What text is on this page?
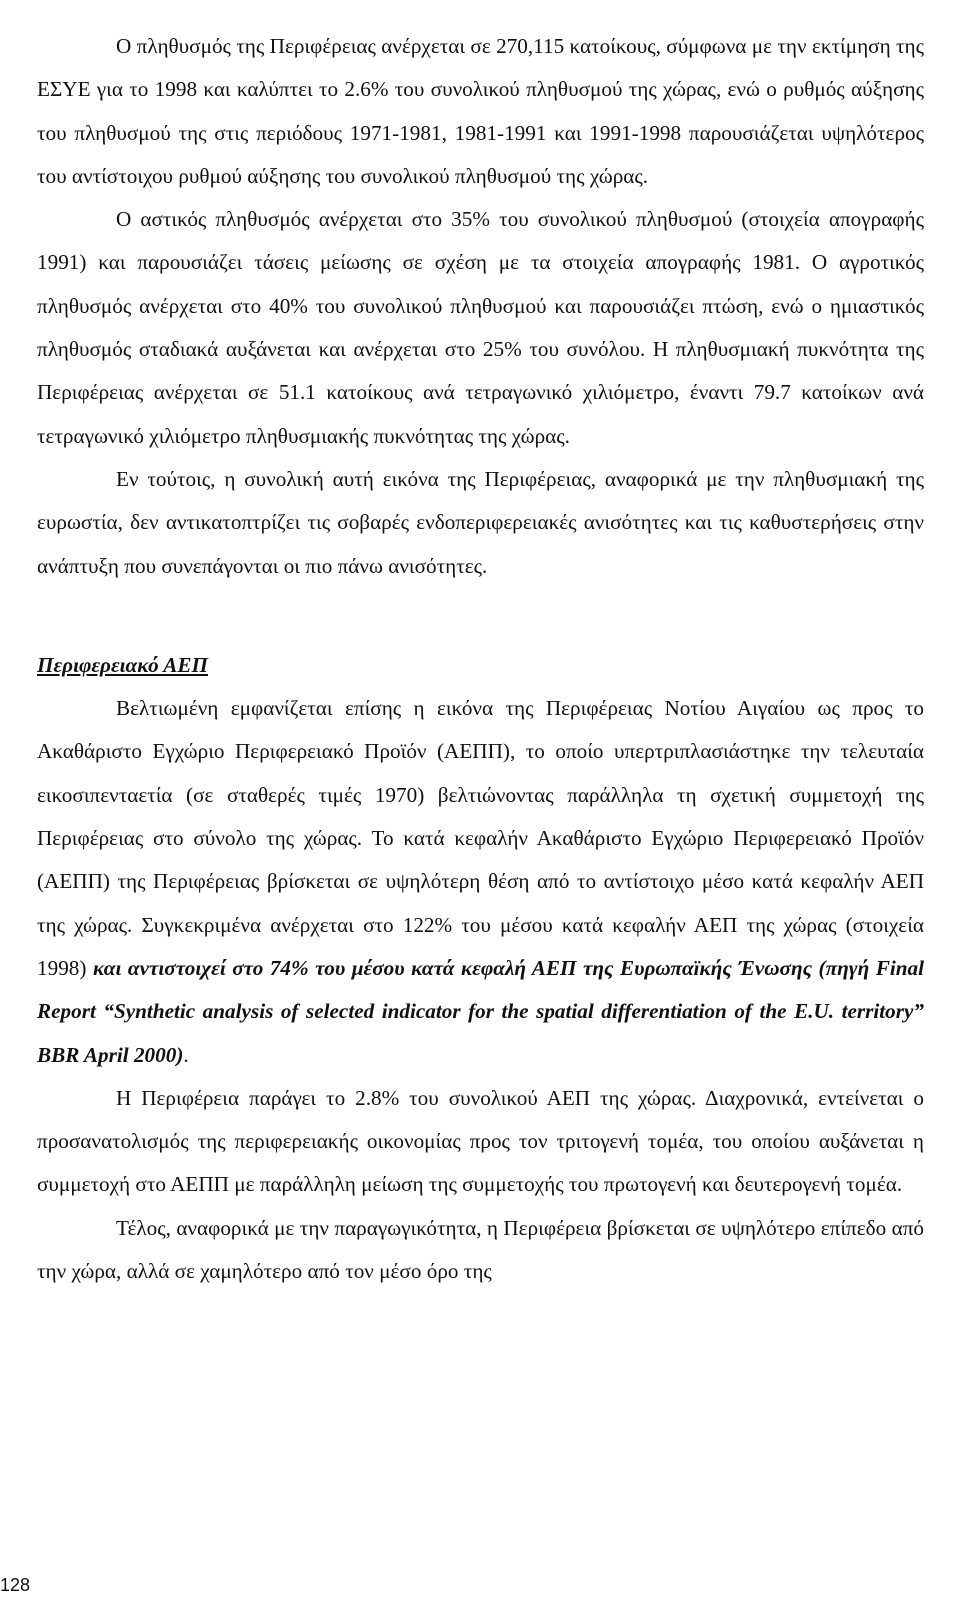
Ο πληθυσμός της Περιφέρειας ανέρχεται σε 270,115 κατοίκους, σύμφωνα με την εκτίμηση της ΕΣΥΕ για το 1998 και καλύπτει το 2.6% του συνολικού πληθυσμού της χώρας, ενώ ο ρυθμός αύξησης του πληθυσμού της στις περιόδους 1971-1981, 1981-1991 και 1991-1998 παρουσιάζεται υψηλότερος του αντίστοιχου ρυθμού αύξησης του συνολικού πληθυσμού της χώρας.

Ο αστικός πληθυσμός ανέρχεται στο 35% του συνολικού πληθυσμού (στοιχεία απογραφής 1991) και παρουσιάζει τάσεις μείωσης σε σχέση με τα στοιχεία απογραφής 1981. Ο αγροτικός πληθυσμός ανέρχεται στο 40% του συνολικού πληθυσμού και παρουσιάζει πτώση, ενώ ο ημιαστικός πληθυσμός σταδιακά αυξάνεται και ανέρχεται στο 25% του συνόλου. Η πληθυσμιακή πυκνότητα της Περιφέρειας ανέρχεται σε 51.1 κατοίκους ανά τετραγωνικό χιλιόμετρο, έναντι 79.7 κατοίκων ανά τετραγωνικό χιλιόμετρο πληθυσμιακής πυκνότητας της χώρας.

Εν τούτοις, η συνολική αυτή εικόνα της Περιφέρειας, αναφορικά με την πληθυσμιακή της ευρωστία, δεν αντικατοπτρίζει τις σοβαρές ενδοπεριφερειακές ανισότητες και τις καθυστερήσεις στην ανάπτυξη που συνεπάγονται οι πιο πάνω ανισότητες.

Περιφερειακό ΑΕΠ

Βελτιωμένη εμφανίζεται επίσης η εικόνα της Περιφέρειας Νοτίου Αιγαίου ως προς το Ακαθάριστο Εγχώριο Περιφερειακό Προϊόν (ΑΕΠΠ), το οποίο υπερτριπλασιάστηκε την τελευταία εικοσιπενταετία (σε σταθερές τιμές 1970) βελτιώνοντας παράλληλα τη σχετική συμμετοχή της Περιφέρειας στο σύνολο της χώρας. Το κατά κεφαλήν Ακαθάριστο Εγχώριο Περιφερειακό Προϊόν (ΑΕΠΠ) της Περιφέρειας βρίσκεται σε υψηλότερη θέση από το αντίστοιχο μέσο κατά κεφαλήν ΑΕΠ της χώρας. Συγκεκριμένα ανέρχεται στο 122% του μέσου κατά κεφαλήν ΑΕΠ της χώρας (στοιχεία 1998) και αντιστοιχεί στο 74% του μέσου κατά κεφαλή ΑΕΠ της Ευρωπαϊκής Ένωσης (πηγή Final Report “Synthetic analysis of selected indicator for the spatial differentiation of the E.U. territory” BBR April 2000).

Η Περιφέρεια παράγει το 2.8% του συνολικού ΑΕΠ της χώρας. Διαχρονικά, εντείνεται ο προσανατολισμός της περιφερειακής οικονομίας προς τον τριτογενή τομέα, του οποίου αυξάνεται η συμμετοχή στο ΑΕΠΠ με παράλληλη μείωση της συμμετοχής του πρωτογενή και δευτερογενή τομέα.

Τέλος, αναφορικά με την παραγωγικότητα, η Περιφέρεια βρίσκεται σε υψηλότερο επίπεδο από την χώρα, αλλά σε χαμηλότερο από τον μέσο όρο της

128
